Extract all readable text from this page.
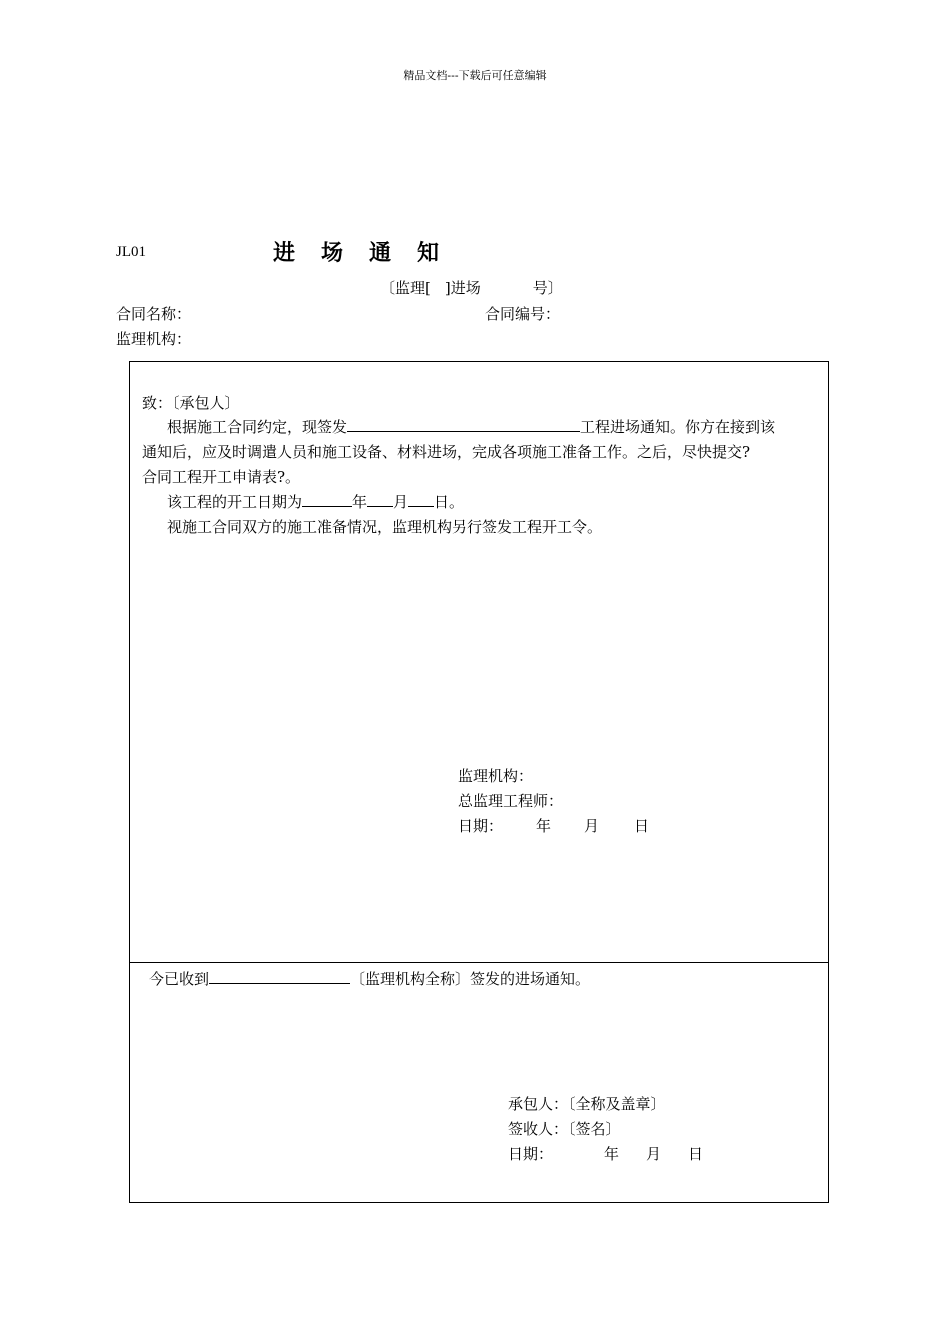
精品文档---下载后可任意编辑
JL01	进场通知
〔监理[ ]进场	号〕
合同名称：	合同编号：
监理机构：
致：〔承包人〕
根据施工合同约定，现签发	工程进场通知。你方在接到该
通知后，应及时调遣人员和施工设备、材料进场，完成各项施工准备工作。之后，尽快提交?
合同工程开工申请表?。
该工程的开工日期为	年 月 日。
视施工合同双方的施工准备情况，监理机构另行签发工程开工令。
监理机构：
总监理工程师：
日期： 年 月 日
今已收到	〔监理机构全称〕签发的进场通知。
承包人：〔全称及盖章〕
签收人：〔签名〕
日期：	年 月 日
